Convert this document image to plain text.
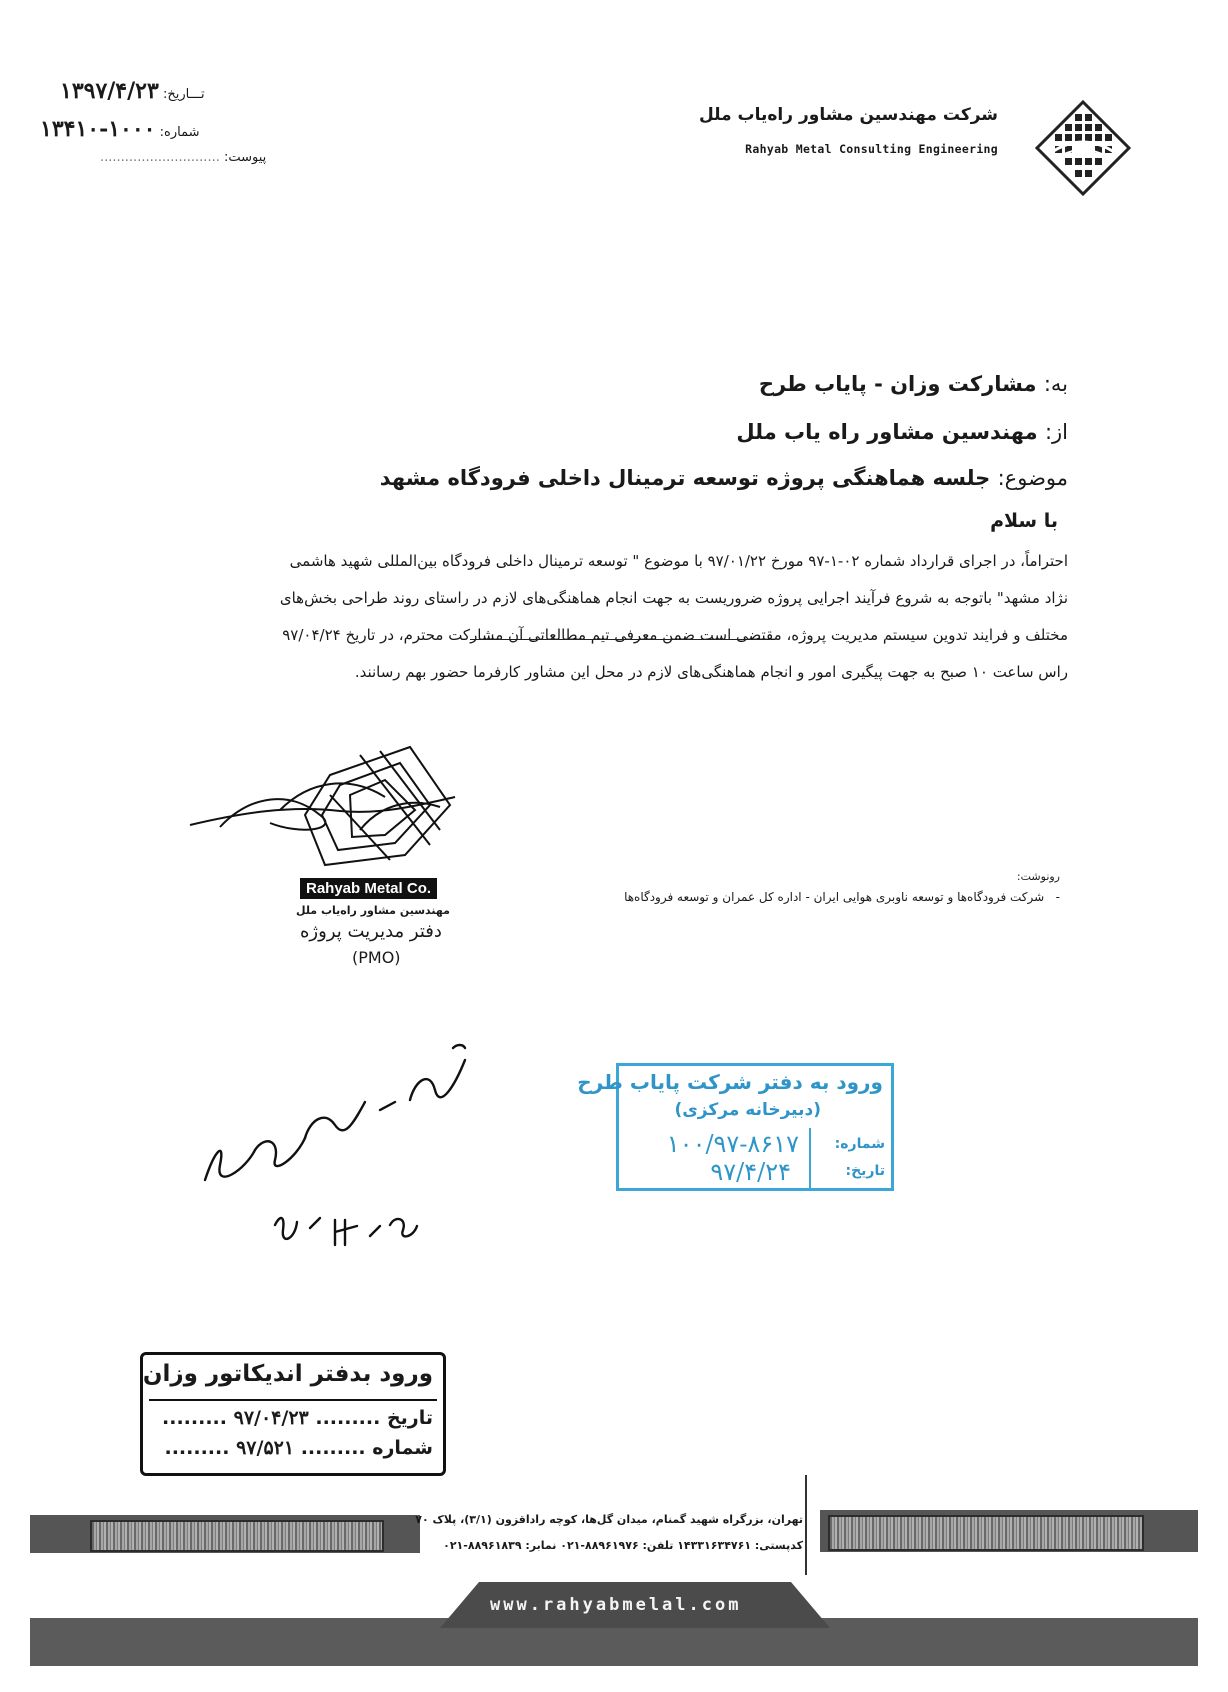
تـــاریخ: ۱۳۹۷/۴/۲۳
شماره: ۱۰۰۰-۱۳۴۱۰
پیوست: .............................
شرکت مهندسین مشاور راه‌یاب ملل
Rahyab Metal Consulting Engineering
به: مشارکت وزان - پایاب طرح
از: مهندسین مشاور راه یاب ملل
موضوع: جلسه هماهنگی پروژه توسعه ترمینال داخلی فرودگاه مشهد
با سلام
احتراماً، در اجرای قرارداد شماره ۰۲-۱-۹۷ مورخ ۹۷/۰۱/۲۲ با موضوع " توسعه ترمینال داخلی فرودگاه بین‌المللی شهید هاشمی
نژاد مشهد" باتوجه به شروع فرآیند اجرایی پروژه ضروریست به جهت انجام هماهنگی‌های لازم در راستای روند طراحی بخش‌های
مختلف و فرایند تدوین سیستم مدیریت پروژه، مقتضی است ضمن معرفی تیم مطالعاتی آن مشارکت محترم، در تاریخ ۹۷/۰۴/۲۴
راس ساعت ۱۰ صبح به جهت پیگیری امور و انجام هماهنگی‌های لازم در محل این مشاور کارفرما حضور بهم رسانند.
Rahyab Metal Co.
مهندسین مشاور راه‌یاب ملل
دفتر مدیریت پروژه
(PMO)
رونوشت:
-   شرکت فرودگاه‌ها و توسعه ناوبری هوایی ایران - اداره کل عمران و توسعه فرودگاه‌ها
ورود به دفتر شرکت پایاب طرح
(دبیرخانه مرکزی)
شماره:
تاریخ:
۱۰۰/۹۷-۸۶۱۷
۹۷/۴/۲۴
ورود بدفتر اندیکاتور وزان
تاریخ ......... ۹۷/۰۴/۲۳ .........
شماره ......... ۹۷/۵۲۱ .........
تهران، بزرگراه شهید گمنام، میدان گل‌ها، کوچه راداقزون (۳/۱)، پلاک ۷۰
کدپستی: ۱۴۳۳۱۶۳۴۷۶۱ تلفن: ۸۸۹۶۱۹۷۶-۰۲۱ نمابر: ۸۸۹۶۱۸۳۹-۰۲۱
www.rahyabmelal.com
